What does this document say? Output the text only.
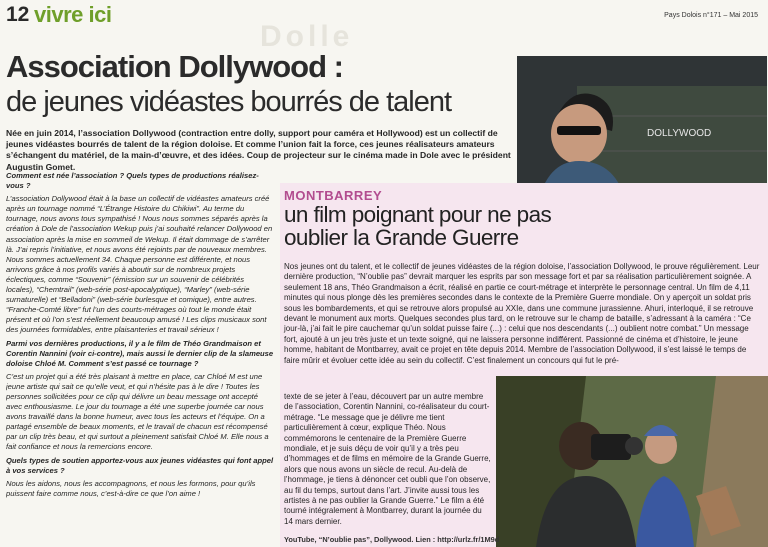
12 vivre ici	Pays Dolois n°171 – Mai 2015
Dolle
Association Dollywood :
de jeunes vidéastes bourrés de talent
Née en juin 2014, l’association Dollywood (contraction entre dolly, support pour caméra et Hollywood) est un collectif de jeunes vidéastes bourrés de talent de la région doloise. Et comme l’union fait la force, ces jeunes réalisateurs amateurs s’échangent du matériel, de la main-d’œuvre, et des idées. Coup de projecteur sur le cinéma made in Dole avec le président Augustin Gomet.

Comment est née l’association ? Quels types de productions réalisez-vous ?

L’association Dollywood était à la base un collectif de vidéastes amateurs créé après un tournage nommé “L’Étrange Histoire du Chikiwi”. Au terme du tournage, nous avons tous sympathisé ! Nous nous sommes séparés après la création à Dole de l’association Wekup puis j’ai souhaité relancer Dollywood en association après la mise en sommeil de Wekup. Il était dommage de s’arrêter là. J’ai repris l’initiative, et nous avons été rejoints par de nouveaux membres. Nous sommes actuellement 34. Chaque personne est différente, et nous arrivons grâce à nos profils variés à aboutir sur de nombreux projets éclectiques, comme “Souvenir” (émission sur un souvenir de célébrités locales), “Chemtrail” (web-série post-apocalyptique), “Marley” (web-série surnaturelle) et “Belladoni” (web-série burlesque et comique), entre autres. “Franche-Comté libre” fut l’un des courts-métrages où tout le monde était présent et où l’on s’est réellement beaucoup amusé ! Les clips musicaux sont des journées formidables, entre plaisanteries et travail sérieux !

Parmi vos dernières productions, il y a le film de Théo Grandmaison et Corentin Nannini (voir ci-contre), mais aussi le dernier clip de la slameuse doloise Chloé M. Comment s’est passé ce tournage ?

C’est un projet qui a été très plaisant à mettre en place, car Chloé M est une jeune artiste qui sait ce qu’elle veut, et qui n’hésite pas à le dire ! Toutes les personnes sollicitées pour ce clip qui délivre un beau message ont accepté avec enthousiasme. Le jour du tournage a été une superbe journée car nous avons travaillé dans la bonne humeur, avec tous les acteurs et l’équipe. On a partagé ensemble de beaux moments, et le travail de chacun est récompensé par un clip très beau, et qui surtout a pleinement satisfait Chloé M. Elle nous a fait confiance et nous la remercions encore.

Quels types de soutien apportez-vous aux jeunes vidéastes qui font appel à vos services ?

Nous les aidons, nous les accompagnons, et nous les formons, pour qu’ils puissent faire comme nous, c’est-à-dire ce que l’on aime !

DOLLYWOOD
MONTBARREY
un film poignant pour ne pas oublier la Grande Guerre
Nos jeunes ont du talent, et le collectif de jeunes vidéastes de la région doloise, l’association Dollywood, le prouve régulièrement. Leur dernière production, “N’oublie pas” devrait marquer les esprits par son message fort et par sa réalisation particulièrement soignée. A seulement 18 ans, Théo Grandmaison a écrit, réalisé en partie ce court-métrage et interprète le personnage central. Un film de 4,11 minutes qui nous plonge dès les premières secondes dans le contexte de la Première Guerre mondiale. On y aperçoit un soldat pris sous les bombardements, et qui se retrouve alors propulsé au XXIe, dans une commune jurassienne. Ahuri, interloqué, il se retrouve devant le monument aux morts. Quelques secondes plus tard, on le retrouve sur le champ de bataille, s’adressant à la caméra : “Ce jour-là, j’ai fait le pire cauchemar qu’un soldat puisse faire (...) : celui que nos descendants (...) oublient notre combat.” Un message fort, ajouté à un jeu très juste et un texte soigné, qui ne laissera personne indifférent. Passionné de cinéma et d’histoire, le jeune homme, habitant de Montbarrey, avait ce projet en tête depuis 2014. Membre de l’association Dollywood, il s’est laissé le temps de faire mûrir et évoluer cette idée au sein du collectif. C’est finalement un concours qui fut le pré-
texte de se jeter à l’eau, découvert par un autre membre de l’association, Corentin Nannini, co-réalisateur du court-métrage. “Le message que je délivre me tient particulièrement à cœur, explique Théo. Nous commémorons le centenaire de la Première Guerre mondiale, et je suis déçu de voir qu’il y a très peu d’hommages et de films en mémoire de la Grande Guerre, alors que nous avons un siècle de recul. Au-delà de l’hommage, je tiens à dénoncer cet oubli que l’on observe, au fil du temps, surtout dans l’art. J’invite aussi tous les artistes à ne pas oublier la Grande Guerre.” Le film a été tourné intégralement à Montbarrey, durant la journée du 14 mars dernier.
YouTube, “N’oublie pas”, Dollywood. Lien : http://urlz.fr/1M9d
